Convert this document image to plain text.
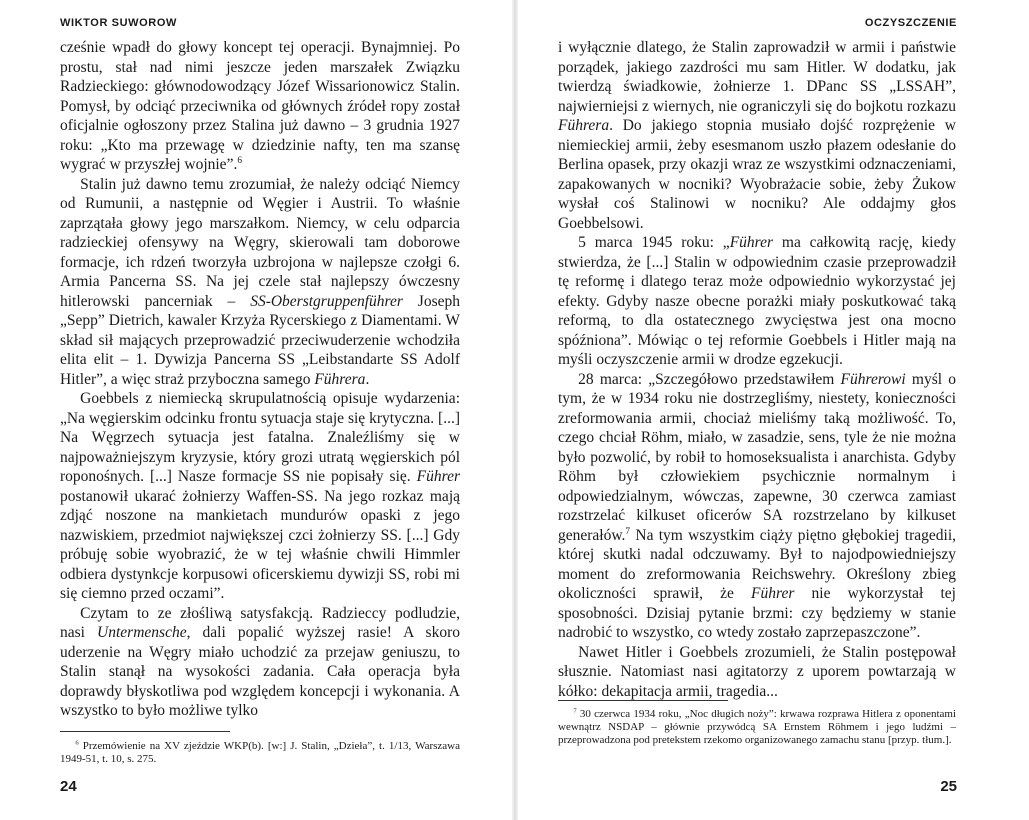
WIKTOR SUWOROW

cześnie wpadł do głowy koncept tej operacji. Bynajmniej. Po prostu, stał nad nimi jeszcze jeden marszałek Związku Radzieckiego: głównodowodzący Józef Wissarionowicz Stalin. Pomysł, by odciąć przeciwnika od głównych źródeł ropy został oficjalnie ogłoszony przez Stalina już dawno – 3 grudnia 1927 roku: „Kto ma przewagę w dziedzinie nafty, ten ma szansę wygrać w przyszłej wojnie”.$^6$

Stalin już dawno temu zrozumiał, że należy odciąć Niemcy od Rumunii, a następnie od Węgier i Austrii. To właśnie zaprzątała głowy jego marszałkom. Niemcy, w celu odparcia radzieckiej ofensywy na Węgry, skierowali tam doborowe formacje, ich rdzeń tworzyła uzbrojona w najlepsze czołgi 6. Armia Pancerna SS. Na jej czele stał najlepszy ówczesny hitlerowski pancerniak – SS-Oberstgruppenführer Joseph „Sepp” Dietrich, kawaler Krzyża Rycerskiego z Diamentami. W skład sił mających przeprowadzić przeciwuderzenie wchodziła elita elit – 1. Dywizja Pancerna SS „Leibstandarte SS Adolf Hitler”, a więc straż przyboczna samego Führera.

Goebbels z niemiecką skrupulatnością opisuje wydarzenia: „Na węgierskim odcinku frontu sytuacja staje się krytyczna. [...] Na Węgrzech sytuacja jest fatalna. Znaleźliśmy się w najpoważniejszym kryzysie, który grozi utratą węgierskich pól roponośnych. [...] Nasze formacje SS nie popisały się. Führer postanowił ukarać żołnierzy Waffen-SS. Na jego rozkaz mają zdjąć noszone na mankietach mundurów opaski z jego nazwiskiem, przedmiot największej czci żołnierzy SS. [...] Gdy próbuję sobie wyobrazić, że w tej właśnie chwili Himmler odbiera dystynkcje korpusowi oficerskiemu dywizji SS, robi mi się ciemno przed oczami”.

Czytam to ze złośliwą satysfakcją. Radzieccy podludzie, nasi Untermensche, dali popalić wyższej rasie! A skoro uderzenie na Węgry miało uchodzić za przejaw geniuszu, to Stalin stanął na wysokości zadania. Cała operacja była doprawdy błyskotliwa pod względem koncepcji i wykonania. A wszystko to było możliwe tylko

$^6$ Przemówienie na XV zjeździe WKP(b). [w:] J. Stalin, „Dzieła”, t. 1/13, Warszawa 1949-51, t. 10, s. 275.

24
OCZYSZCZENIE

i wyłącznie dlatego, że Stalin zaprowadził w armii i państwie porządek, jakiego zazdrości mu sam Hitler. W dodatku, jak twierdzą świadkowie, żołnierze 1. DPanc SS „LSSAH”, najwierniejsi z wiernych, nie ograniczyli się do bojkotu rozkazu Führera. Do jakiego stopnia musiało dojść rozprężenie w niemieckiej armii, żeby esesmanom uszło płazem odesłanie do Berlina opasek, przy okazji wraz ze wszystkimi odznaczeniami, zapakowanych w nocniki? Wyobrażacie sobie, żeby Żukow wysłał coś Stalinowi w nocniku? Ale oddajmy głos Goebbelsowi.

5 marca 1945 roku: „Führer ma całkowitą rację, kiedy stwierdza, że [...] Stalin w odpowiednim czasie przeprowadził tę reformę i dlatego teraz może odpowiednio wykorzystać jej efekty. Gdyby nasze obecne porażki miały poskutkować taką reformą, to dla ostatecznego zwycięstwa jest ona mocno spóźniona”. Mówiąc o tej reformie Goebbels i Hitler mają na myśli oczyszczenie armii w drodze egzekucji.

28 marca: „Szczegółowo przedstawiłem Führerowi myśl o tym, że w 1934 roku nie dostrzegliśmy, niestety, konieczności zreformowania armii, chociaż mieliśmy taką możliwość. To, czego chciał Röhm, miało, w zasadzie, sens, tyle że nie można było pozwolić, by robił to homoseksualista i anarchista. Gdyby Röhm był człowiekiem psychicznie normalnym i odpowiedzialnym, wówczas, zapewne, 30 czerwca zamiast rozstrzelać kilkuset oficerów SA rozstrzelano by kilkuset generałów.$^7$ Na tym wszystkim ciąży piętno głębokiej tragedii, której skutki nadal odczuwamy. Był to najodpowiedniejszy moment do zreformowania Reichswehry. Określony zbieg okoliczności sprawił, że Führer nie wykorzystał tej sposobności. Dzisiaj pytanie brzmi: czy będziemy w stanie nadrobić to wszystko, co wtedy zostało zaprzepaszczone”.

Nawet Hitler i Goebbels zrozumieli, że Stalin postępował słusznie. Natomiast nasi agitatorzy z uporem powtarzają w kółko: dekapitacja armii, tragedia...

$^7$ 30 czerwca 1934 roku, „Noc długich noży”: krwawa rozprawa Hitlera z oponentami wewnątrz NSDAP – głównie przywódcą SA Ernstem Röhmem i jego ludźmi – przeprowadzona pod pretekstem rzekomo organizowanego zamachu stanu [przyp. tłum.].

25
